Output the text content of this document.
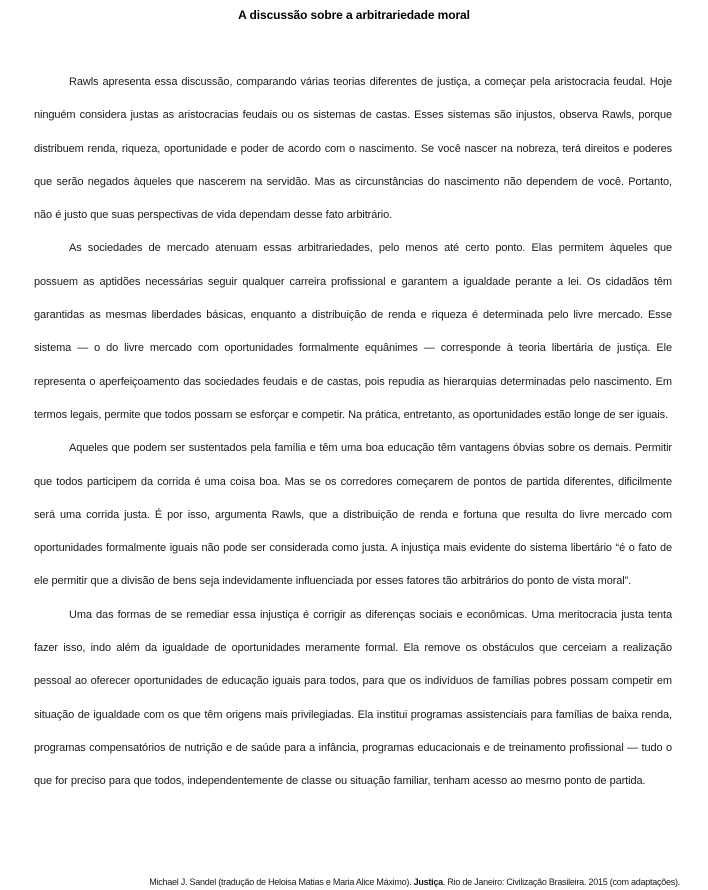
A discussão sobre a arbitrariedade moral

Rawls apresenta essa discussão, comparando várias teorias diferentes de justiça, a começar pela aristocracia feudal. Hoje ninguém considera justas as aristocracias feudais ou os sistemas de castas. Esses sistemas são injustos, observa Rawls, porque distribuem renda, riqueza, oportunidade e poder de acordo com o nascimento. Se você nascer na nobreza, terá direitos e poderes que serão negados àqueles que nascerem na servidão. Mas as circunstâncias do nascimento não dependem de você. Portanto, não é justo que suas perspectivas de vida dependam desse fato arbitrário.

As sociedades de mercado atenuam essas arbitrariedades, pelo menos até certo ponto. Elas permitem àqueles que possuem as aptidões necessárias seguir qualquer carreira profissional e garantem a igualdade perante a lei. Os cidadãos têm garantidas as mesmas liberdades básicas, enquanto a distribuição de renda e riqueza é determinada pelo livre mercado. Esse sistema — o do livre mercado com oportunidades formalmente equânimes — corresponde à teoria libertária de justiça. Ele representa o aperfeiçoamento das sociedades feudais e de castas, pois repudia as hierarquias determinadas pelo nascimento. Em termos legais, permite que todos possam se esforçar e competir. Na prática, entretanto, as oportunidades estão longe de ser iguais.

Aqueles que podem ser sustentados pela família e têm uma boa educação têm vantagens óbvias sobre os demais. Permitir que todos participem da corrida é uma coisa boa. Mas se os corredores começarem de pontos de partida diferentes, dificilmente será uma corrida justa. É por isso, argumenta Rawls, que a distribuição de renda e fortuna que resulta do livre mercado com oportunidades formalmente iguais não pode ser considerada como justa. A injustiça mais evidente do sistema libertário “é o fato de ele permitir que a divisão de bens seja indevidamente influenciada por esses fatores tão arbitrários do ponto de vista moral”.

Uma das formas de se remediar essa injustiça é corrigir as diferenças sociais e econômicas. Uma meritocracia justa tenta fazer isso, indo além da igualdade de oportunidades meramente formal. Ela remove os obstáculos que cerceiam a realização pessoal ao oferecer oportunidades de educação iguais para todos, para que os indivíduos de famílias pobres possam competir em situação de igualdade com os que têm origens mais privilegiadas. Ela institui programas assistenciais para famílias de baixa renda, programas compensatórios de nutrição e de saúde para a infância, programas educacionais e de treinamento profissional — tudo o que for preciso para que todos, independentemente de classe ou situação familiar, tenham acesso ao mesmo ponto de partida.

Michael J. Sandel (tradução de Heloisa Matias e Maria Alice Máximo). Justiça. Rio de Janeiro: Civilização Brasileira. 2015 (com adaptações).
